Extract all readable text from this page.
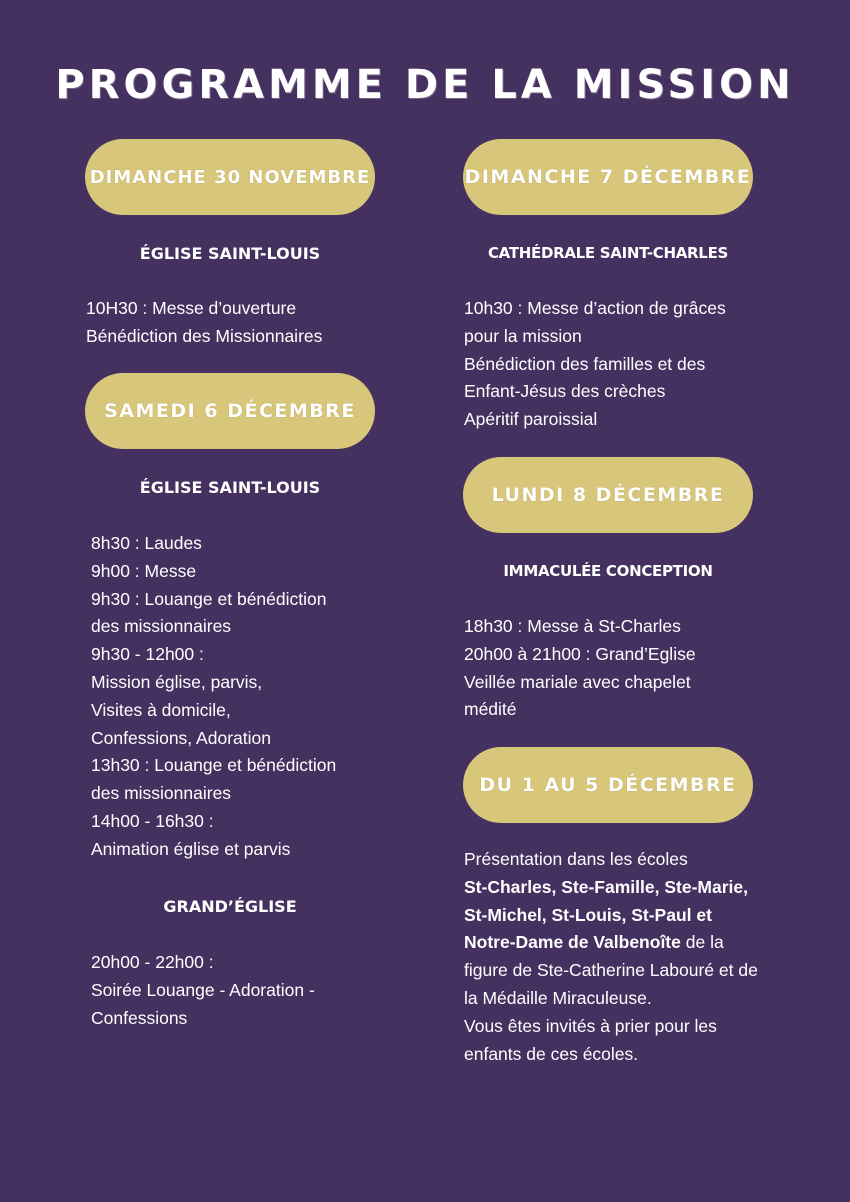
PROGRAMME DE LA MISSION
DIMANCHE 30 NOVEMBRE
ÉGLISE SAINT-LOUIS
10H30 : Messe d’ouverture
Bénédiction des Missionnaires
SAMEDI 6 DÉCEMBRE
ÉGLISE SAINT-LOUIS
8h30 : Laudes
9h00 : Messe
9h30 : Louange et bénédiction
des missionnaires
9h30 - 12h00 :
Mission église, parvis,
Visites à domicile,
Confessions, Adoration
13h30 : Louange et bénédiction
des missionnaires
14h00 - 16h30 :
Animation église et parvis
GRAND’ÉGLISE
20h00 - 22h00 :
Soirée Louange - Adoration -
Confessions
DIMANCHE 7 DÉCEMBRE
CATHÉDRALE SAINT-CHARLES
10h30 : Messe d’action de grâces
pour la mission
Bénédiction des familles et des
Enfant-Jésus des crèches
Apéritif paroissial
LUNDI 8 DÉCEMBRE
IMMACULÉE CONCEPTION
18h30 : Messe à St-Charles
20h00 à 21h00 : Grand’Eglise
Veillée mariale avec chapelet
médité
DU 1 AU 5 DÉCEMBRE
Présentation dans les écoles
St-Charles, Ste-Famille, Ste-Marie, St-Michel, St-Louis, St-Paul et Notre-Dame de Valbenoîte de la figure de Ste-Catherine Labouré et de la Médaille Miraculeuse.
Vous êtes invités à prier pour les enfants de ces écoles.
